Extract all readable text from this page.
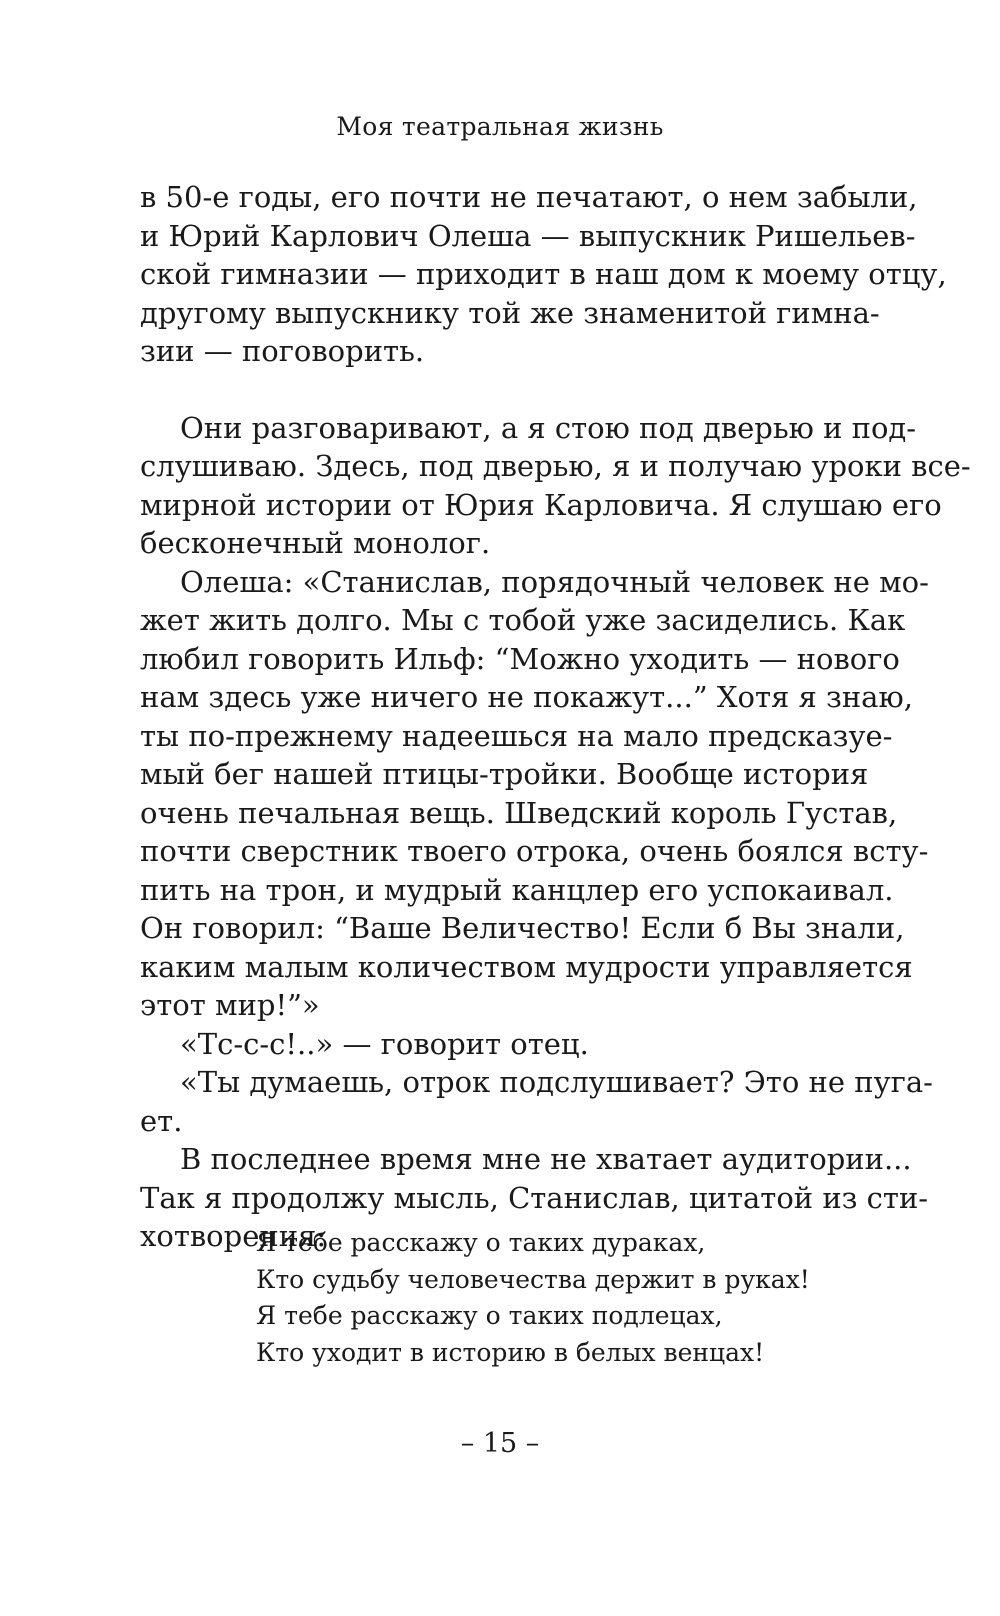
Моя театральная жизнь
в 50-е годы, его почти не печатают, о нем забыли,
и Юрий Карлович Олеша — выпускник Ришельев-
ской гимназии — приходит в наш дом к моему отцу,
другому выпускнику той же знаменитой гимна-
зии — поговорить.
Они разговаривают, а я стою под дверью и под-
слушиваю. Здесь, под дверью, я и получаю уроки все-
мирной истории от Юрия Карловича. Я слушаю его
бесконечный монолог.
Олеша: «Станислав, порядочный человек не мо-
жет жить долго. Мы с тобой уже засиделись. Как
любил говорить Ильф: “Можно уходить — нового
нам здесь уже ничего не покажут...” Хотя я знаю,
ты по-прежнему надеешься на мало предсказуе-
мый бег нашей птицы-тройки. Вообще история
очень печальная вещь. Шведский король Густав,
почти сверстник твоего отрока, очень боялся всту-
пить на трон, и мудрый канцлер его успокаивал.
Он говорил: “Ваше Величество! Если б Вы знали,
каким малым количеством мудрости управляется
этот мир!”»
«Тс-с-с!..» — говорит отец.
«Ты думаешь, отрок подслушивает? Это не пуга-
ет.
В последнее время мне не хватает аудитории...
Так я продолжу мысль, Станислав, цитатой из сти-
хотворения:
Я тебе расскажу о таких дураках,
Кто судьбу человечества держит в руках!
Я тебе расскажу о таких подлецах,
Кто уходит в историю в белых венцах!
– 15 –
